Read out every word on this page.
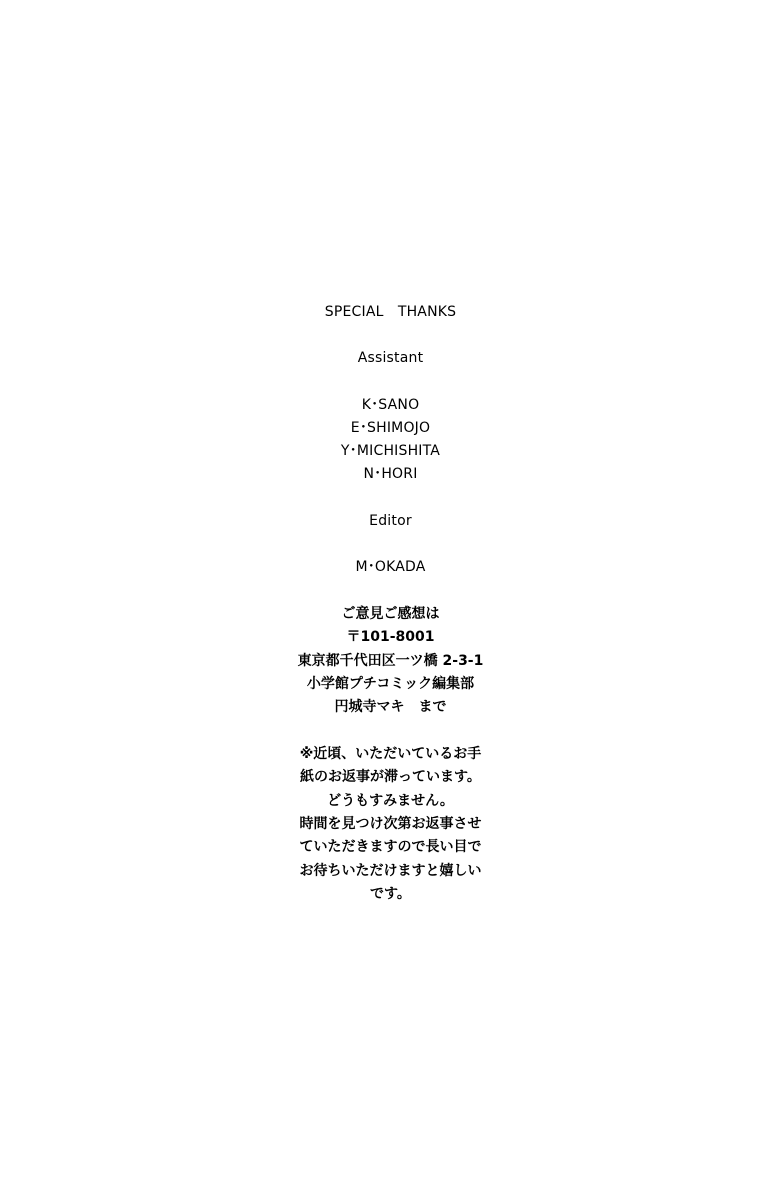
SPECIAL　THANKS
Assistant
K･SANO
E･SHIMOJO
Y･MICHISHITA
N･HORI
Editor
M･OKADA
ご意見ご感想は
〒101-8001
東京都千代田区一ツ橋 2-3-1
小学館プチコミック編集部
円城寺マキ　まで
※近頃、いただいているお手
紙のお返事が滞っています。
どうもすみません。
時間を見つけ次第お返事させ
ていただきますので長い目で
お待ちいただけますと嬉しい
です。
